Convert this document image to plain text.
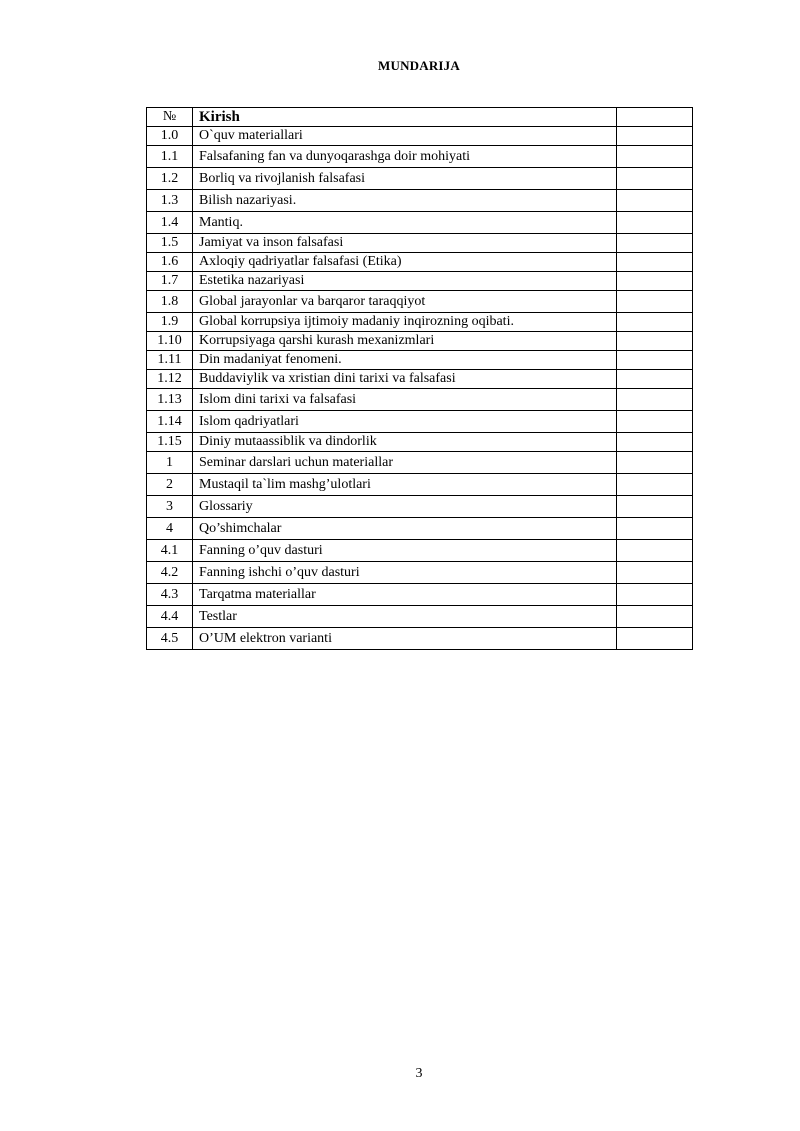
MUNDARIJA
№	Kirish	
1.0	O`quv materiallari	
1.1	Falsafaning fan va dunyoqarashga doir mohiyati	
1.2	Borliq va rivojlanish falsafasi	
1.3	Bilish nazariyasi.	
1.4	Mantiq.	
1.5	Jamiyat va inson falsafasi	
1.6	Axloqiy qadriyatlar falsafasi (Etika)	
1.7	Estetika nazariyasi	
1.8	Global jarayonlar va barqaror taraqqiyot	
1.9	Global korrupsiya ijtimoiy madaniy inqirozning oqibati.	
1.10	Korrupsiyaga qarshi kurash mexanizmlari	
1.11	Din madaniyat fenomeni.	
1.12	Buddaviylik va xristian dini tarixi va falsafasi	
1.13	Islom dini tarixi va falsafasi	
1.14	Islom qadriyatlari	
1.15	Diniy mutaassiblik va dindorlik	
1	Seminar darslari uchun materiallar	
2	Mustaqil ta`lim mashg’ulotlari	
3	Glossariy	
4	Qo’shimchalar	
4.1	Fanning o’quv dasturi	
4.2	Fanning ishchi o’quv dasturi	
4.3	Tarqatma materiallar	
4.4	Testlar	
4.5	O’UM elektron varianti	
3
